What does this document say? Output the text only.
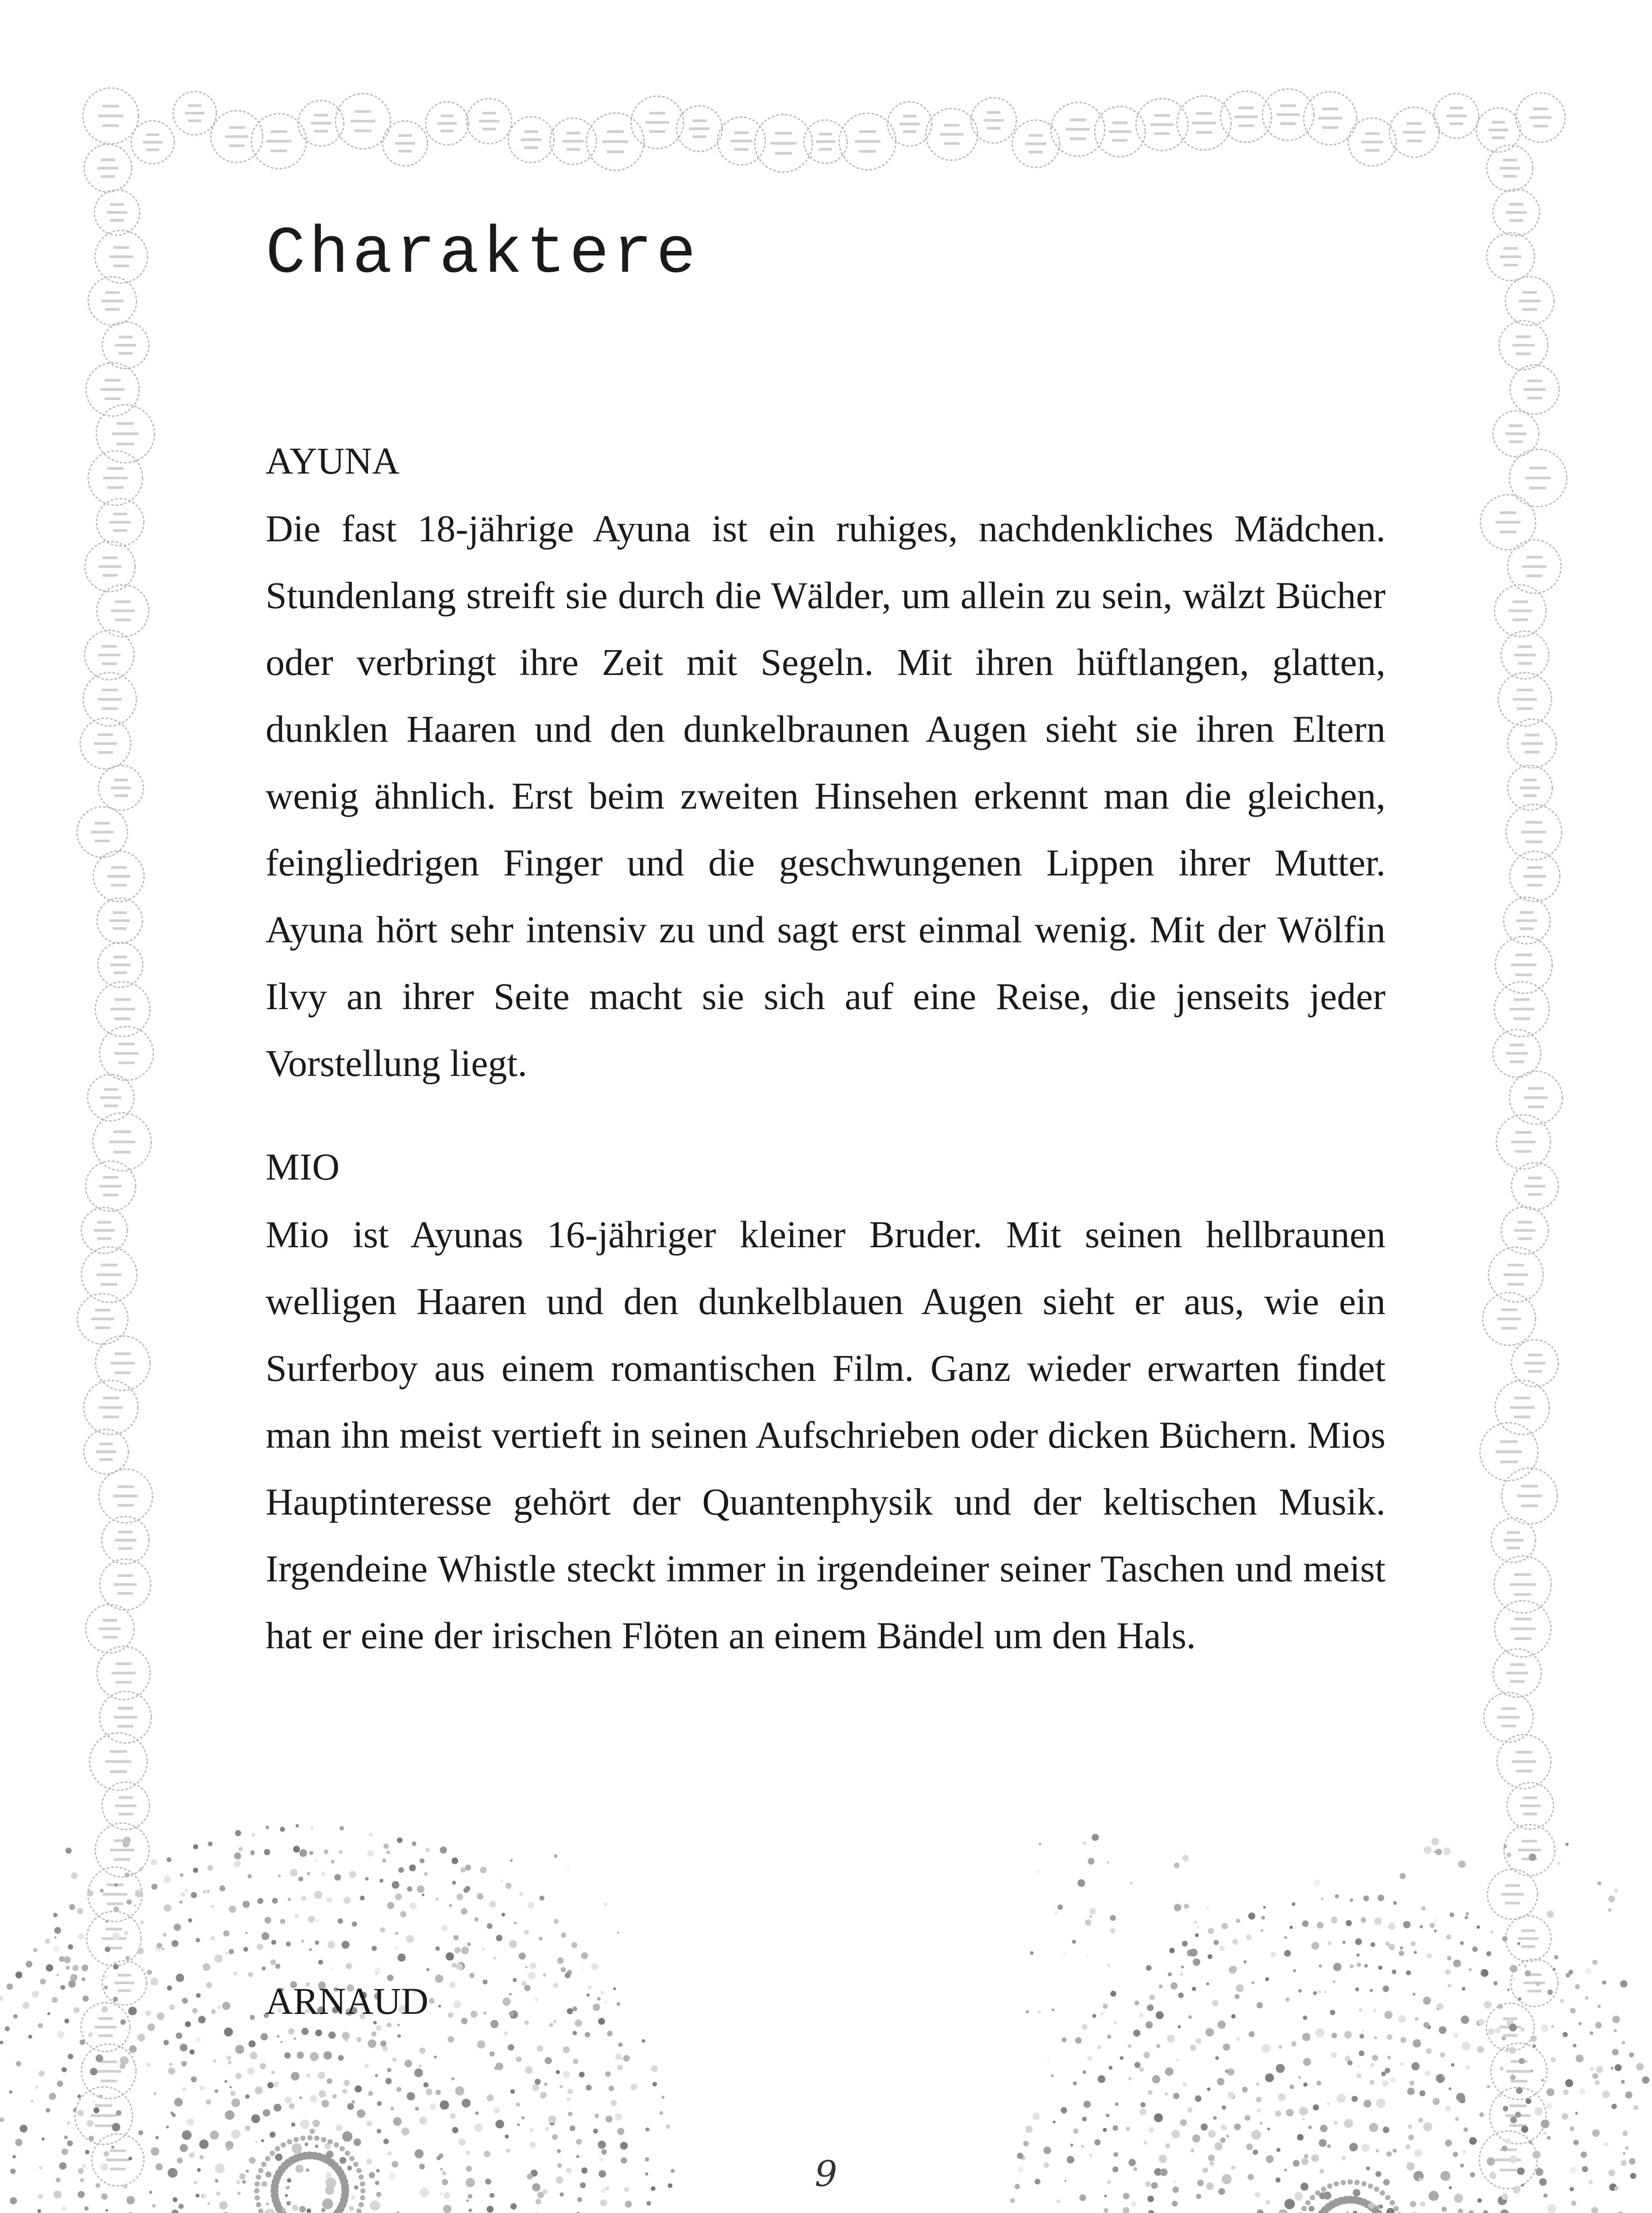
Charaktere
AYUNA

Die fast 18-jährige Ayuna ist ein ruhiges, nachdenkliches Mädchen. Stundenlang streift sie durch die Wälder, um allein zu sein, wälzt Bücher oder verbringt ihre Zeit mit Segeln. Mit ihren hüftlangen, glatten, dunklen Haaren und den dunkelbraunen Augen sieht sie ihren Eltern wenig ähnlich. Erst beim zweiten Hinsehen erkennt man die gleichen, feingliedrigen Finger und die geschwungenen Lippen ihrer Mutter. Ayuna hört sehr intensiv zu und sagt erst einmal wenig. Mit der Wölfin Ilvy an ihrer Seite macht sie sich auf eine Reise, die jenseits jeder Vorstellung liegt.

MIO

Mio ist Ayunas 16-jähriger kleiner Bruder. Mit seinen hellbraunen welligen Haaren und den dunkelblauen Augen sieht er aus, wie ein Surferboy aus einem romantischen Film. Ganz wieder erwarten findet man ihn meist vertieft in seinen Aufschrieben oder dicken Büchern. Mios Hauptinteresse gehört der Quantenphysik und der keltischen Musik. Irgendeine Whistle steckt immer in irgendeiner seiner Taschen und meist hat er eine der irischen Flöten an einem Bändel um den Hals.

ARNAUD
9
